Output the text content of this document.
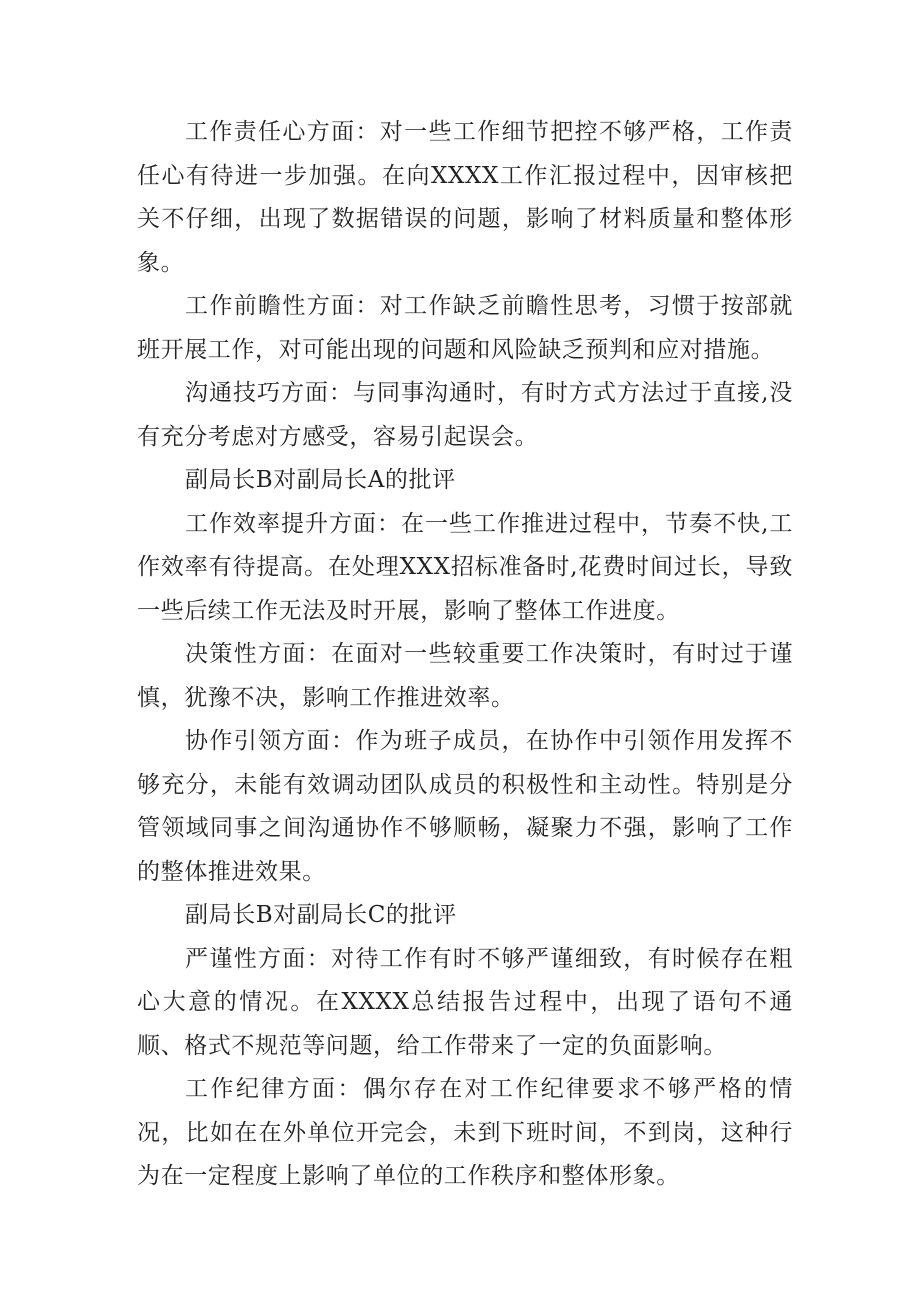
工作责任心方面：对一些工作细节把控不够严格，工作责任心有待进一步加强。在向XXXX工作汇报过程中，因审核把关不仔细，出现了数据错误的问题，影响了材料质量和整体形象。

工作前瞻性方面：对工作缺乏前瞻性思考，习惯于按部就班开展工作，对可能出现的问题和风险缺乏预判和应对措施。

沟通技巧方面：与同事沟通时，有时方式方法过于直接,没有充分考虑对方感受，容易引起误会。

副局长B对副局长A的批评

工作效率提升方面：在一些工作推进过程中，节奏不快,工作效率有待提高。在处理XXX招标准备时,花费时间过长，导致一些后续工作无法及时开展，影响了整体工作进度。

决策性方面：在面对一些较重要工作决策时，有时过于谨慎，犹豫不决，影响工作推进效率。

协作引领方面：作为班子成员，在协作中引领作用发挥不够充分，未能有效调动团队成员的积极性和主动性。特别是分管领域同事之间沟通协作不够顺畅，凝聚力不强，影响了工作的整体推进效果。

副局长B对副局长C的批评

严谨性方面：对待工作有时不够严谨细致，有时候存在粗心大意的情况。在XXXX总结报告过程中，出现了语句不通顺、格式不规范等问题，给工作带来了一定的负面影响。

工作纪律方面：偶尔存在对工作纪律要求不够严格的情况，比如在在外单位开完会，未到下班时间，不到岗，这种行为在一定程度上影响了单位的工作秩序和整体形象。
